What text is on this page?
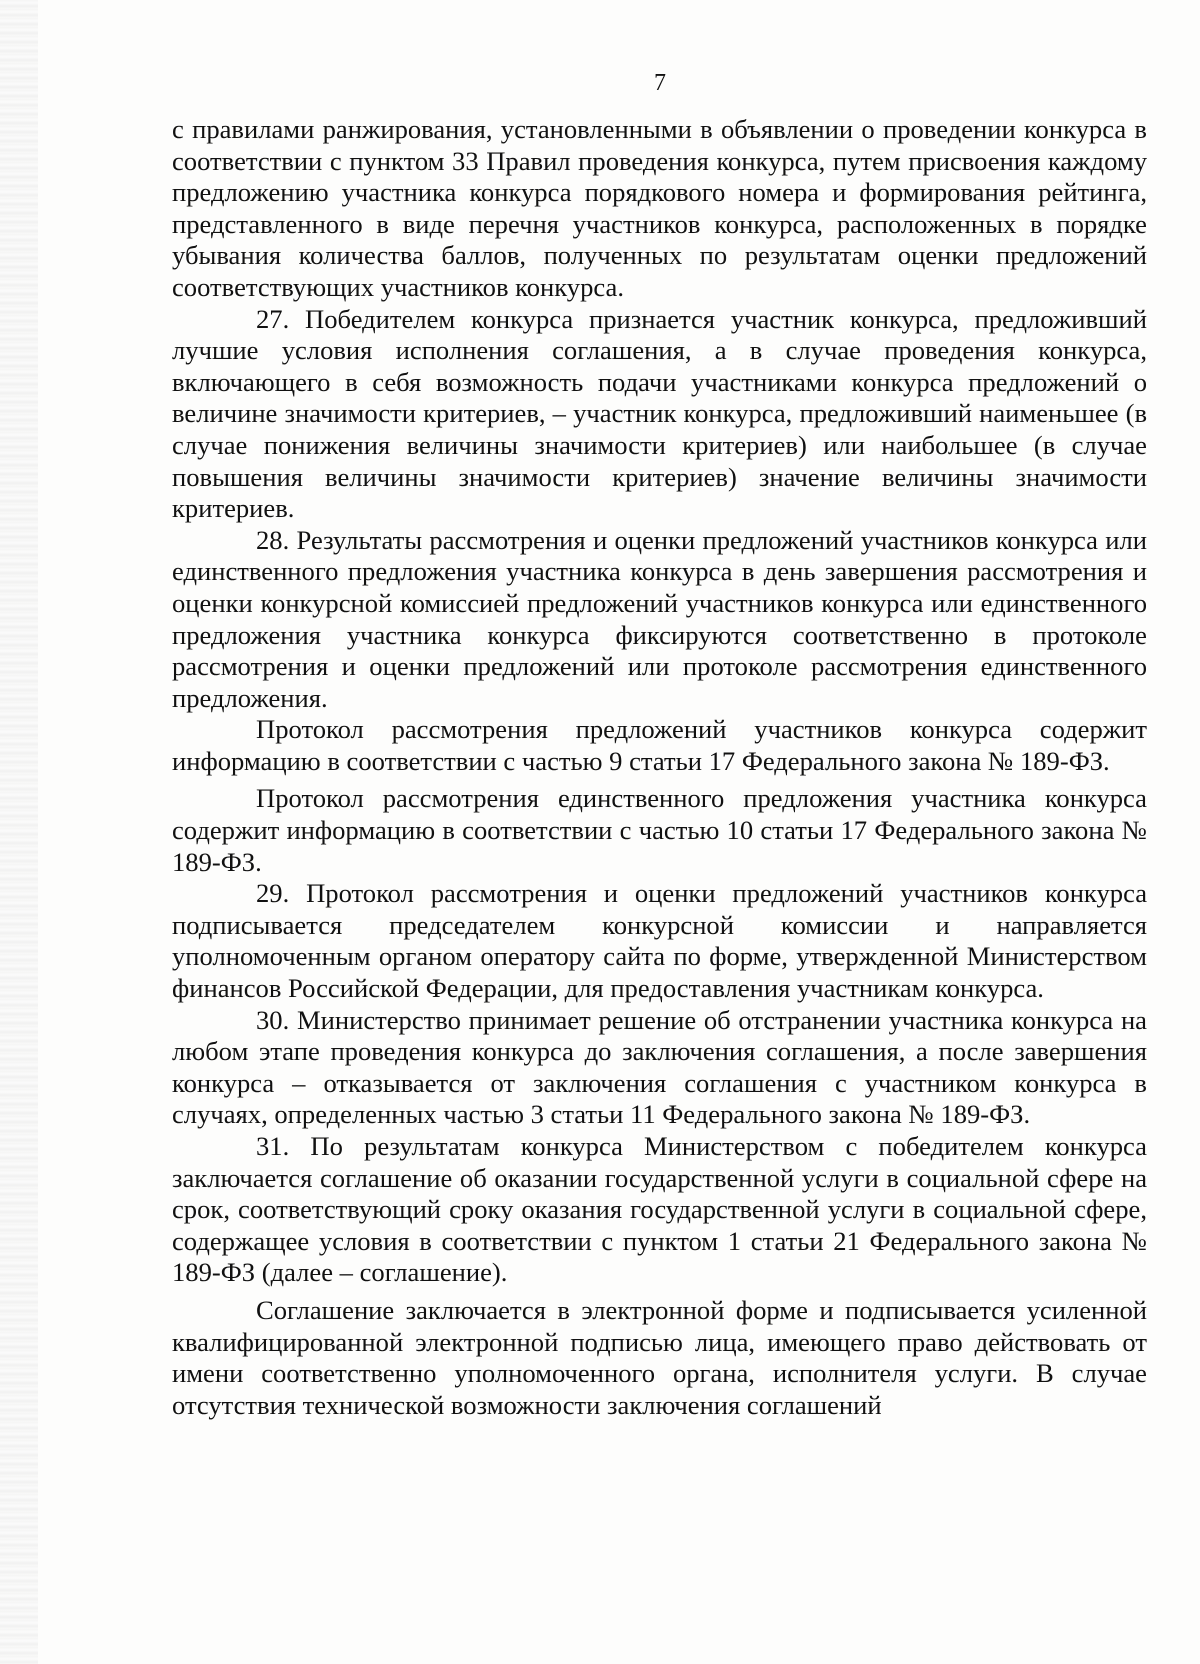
7

с правилами ранжирования, установленными в объявлении о проведении конкурса в соответствии с пунктом 33 Правил проведения конкурса, путем присвоения каждому предложению участника конкурса порядкового номера и формирования рейтинга, представленного в виде перечня участников конкурса, расположенных в порядке убывания количества баллов, полученных по результатам оценки предложений соответствующих участников конкурса.

27. Победителем конкурса признается участник конкурса, предложивший лучшие условия исполнения соглашения, а в случае проведения конкурса, включающего в себя возможность подачи участниками конкурса предложений о величине значимости критериев, – участник конкурса, предложивший наименьшее (в случае понижения величины значимости критериев) или наибольшее (в случае повышения величины значимости критериев) значение величины значимости критериев.

28. Результаты рассмотрения и оценки предложений участников конкурса или единственного предложения участника конкурса в день завершения рассмотрения и оценки конкурсной комиссией предложений участников конкурса или единственного предложения участника конкурса фиксируются соответственно в протоколе рассмотрения и оценки предложений или протоколе рассмотрения единственного предложения.

Протокол рассмотрения предложений участников конкурса содержит информацию в соответствии с частью 9 статьи 17 Федерального закона № 189-ФЗ.

Протокол рассмотрения единственного предложения участника конкурса содержит информацию в соответствии с частью 10 статьи 17 Федерального закона № 189-ФЗ.

29. Протокол рассмотрения и оценки предложений участников конкурса подписывается председателем конкурсной комиссии и направляется уполномоченным органом оператору сайта по форме, утвержденной Министерством финансов Российской Федерации, для предоставления участникам конкурса.

30. Министерство принимает решение об отстранении участника конкурса на любом этапе проведения конкурса до заключения соглашения, а после завершения конкурса – отказывается от заключения соглашения с участником конкурса в случаях, определенных частью 3 статьи 11 Федерального закона № 189-ФЗ.

31. По результатам конкурса Министерством с победителем конкурса заключается соглашение об оказании государственной услуги в социальной сфере на срок, соответствующий сроку оказания государственной услуги в социальной сфере, содержащее условия в соответствии с пунктом 1 статьи 21 Федерального закона № 189-ФЗ (далее – соглашение).

Соглашение заключается в электронной форме и подписывается усиленной квалифицированной электронной подписью лица, имеющего право действовать от имени соответственно уполномоченного органа, исполнителя услуги. В случае отсутствия технической возможности заключения соглашений
